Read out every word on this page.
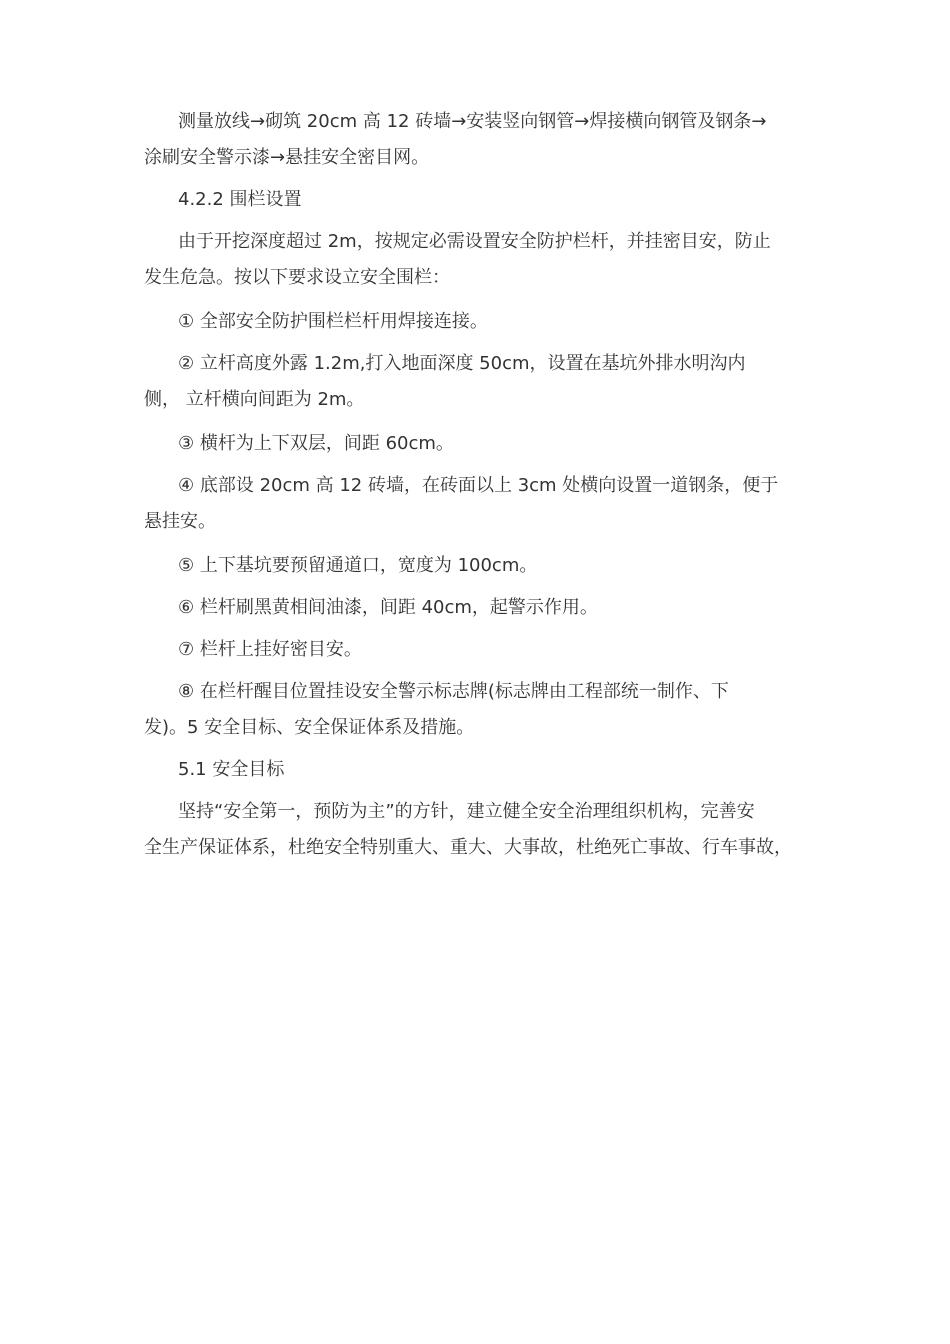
测量放线→砌筑 20cm 高 12 砖墙→安装竖向钢管→焊接横向钢管及钢条→
涂刷安全警示漆→悬挂安全密目网。

4.2.2 围栏设置

由于开挖深度超过 2m，按规定必需设置安全防护栏杆，并挂密目安，防止
发生危急。按以下要求设立安全围栏：

① 全部安全防护围栏栏杆用焊接连接。

② 立杆高度外露 1.2m,打入地面深度 50cm，设置在基坑外排水明沟内
侧， 立杆横向间距为 2m。

③ 横杆为上下双层，间距 60cm。

④ 底部设 20cm 高 12 砖墙，在砖面以上 3cm 处横向设置一道钢条，便于
悬挂安。

⑤ 上下基坑要预留通道口，宽度为 100cm。

⑥ 栏杆刷黑黄相间油漆，间距 40cm，起警示作用。

⑦ 栏杆上挂好密目安。

⑧ 在栏杆醒目位置挂设安全警示标志牌(标志牌由工程部统一制作、下
发)。5 安全目标、安全保证体系及措施。

5.1 安全目标

坚持“安全第一，预防为主”的方针，建立健全安全治理组织机构，完善安
全生产保证体系，杜绝安全特别重大、重大、大事故，杜绝死亡事故、行车事故，
